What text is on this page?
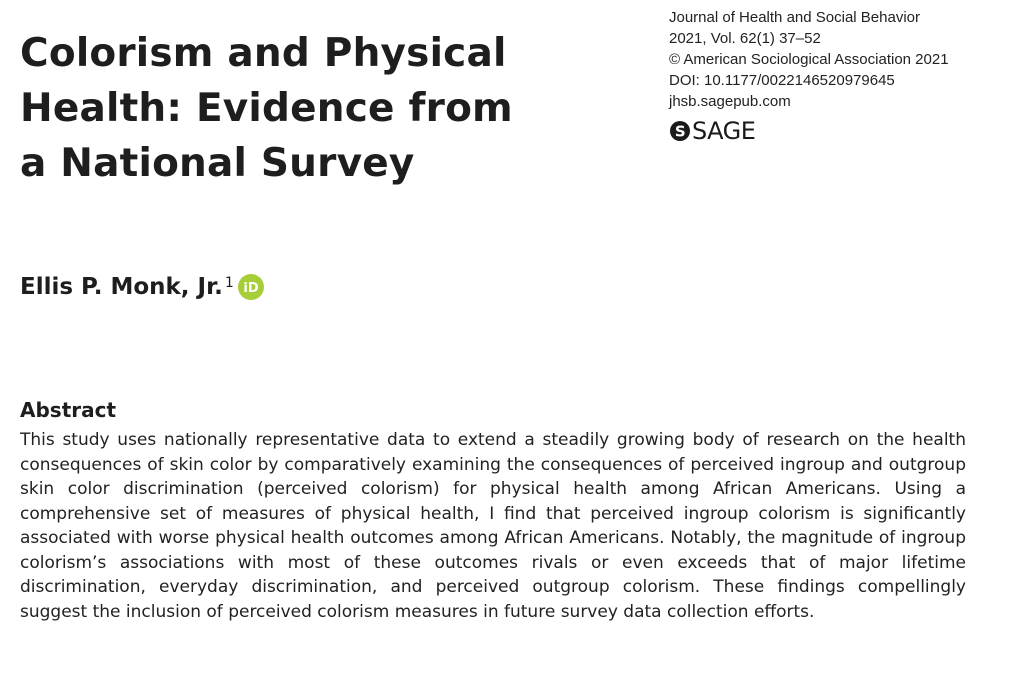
Colorism and Physical
Health: Evidence from
a National Survey
Journal of Health and Social Behavior
2021, Vol. 62(1) 37–52
© American Sociological Association 2021
DOI: 10.1177/0022146520979645
jhsb.sagepub.com
S SAGE
Ellis P. Monk, Jr. 1 iD
Abstract

This study uses nationally representative data to extend a steadily growing body of research on the health consequences of skin color by comparatively examining the consequences of perceived ingroup and outgroup skin color discrimination (perceived colorism) for physical health among African Americans. Using a comprehensive set of measures of physical health, I find that perceived ingroup colorism is significantly associated with worse physical health outcomes among African Americans. Notably, the magnitude of ingroup colorism’s associations with most of these outcomes rivals or even exceeds that of major lifetime discrimination, everyday discrimination, and perceived outgroup colorism. These findings compellingly suggest the inclusion of perceived colorism measures in future survey data collection efforts.
